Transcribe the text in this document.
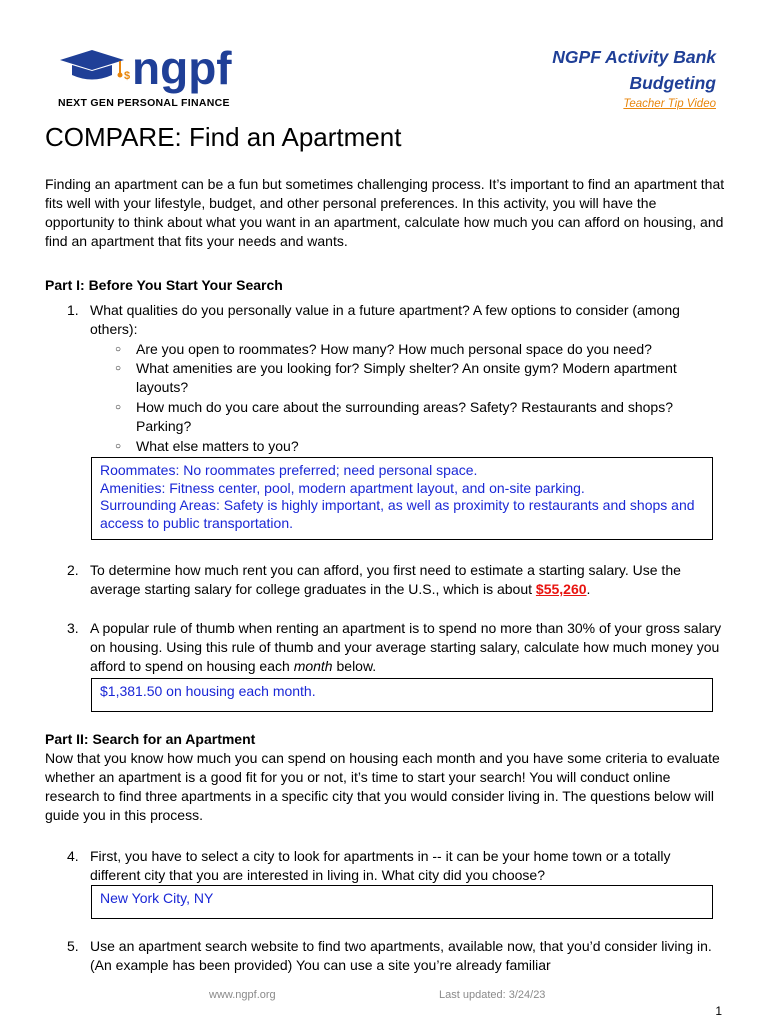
$ ngpf
NEXT GEN PERSONAL FINANCE
NGPF Activity Bank
Budgeting
Teacher Tip Video
COMPARE: Find an Apartment
Finding an apartment can be a fun but sometimes challenging process. It’s important to find an apartment that fits well with your lifestyle, budget, and other personal preferences. In this activity, you will have the opportunity to think about what you want in an apartment, calculate how much you can afford on housing, and find an apartment that fits your needs and wants.
Part I: Before You Start Your Search
1. What qualities do you personally value in a future apartment? A few options to consider (among others):
○ Are you open to roommates? How many? How much personal space do you need?
○ What amenities are you looking for? Simply shelter? An onsite gym? Modern apartment layouts?
○ How much do you care about the surrounding areas? Safety? Restaurants and shops? Parking?
○ What else matters to you?
Roommates: No roommates preferred; need personal space.
Amenities: Fitness center, pool, modern apartment layout, and on-site parking.
Surrounding Areas: Safety is highly important, as well as proximity to restaurants and shops and access to public transportation.
2. To determine how much rent you can afford, you first need to estimate a starting salary. Use the average starting salary for college graduates in the U.S., which is about $55,260.
3. A popular rule of thumb when renting an apartment is to spend no more than 30% of your gross salary on housing. Using this rule of thumb and your average starting salary, calculate how much money you afford to spend on housing each month below.
$1,381.50 on housing each month.
Part II: Search for an Apartment
Now that you know how much you can spend on housing each month and you have some criteria to evaluate whether an apartment is a good fit for you or not, it’s time to start your search! You will conduct online research to find three apartments in a specific city that you would consider living in. The questions below will guide you in this process.
4. First, you have to select a city to look for apartments in -- it can be your home town or a totally different city that you are interested in living in. What city did you choose?
New York City, NY
5. Use an apartment search website to find two apartments, available now, that you’d consider living in. (An example has been provided) You can use a site you’re already familiar
www.ngpf.org	Last updated: 3/24/23
1
